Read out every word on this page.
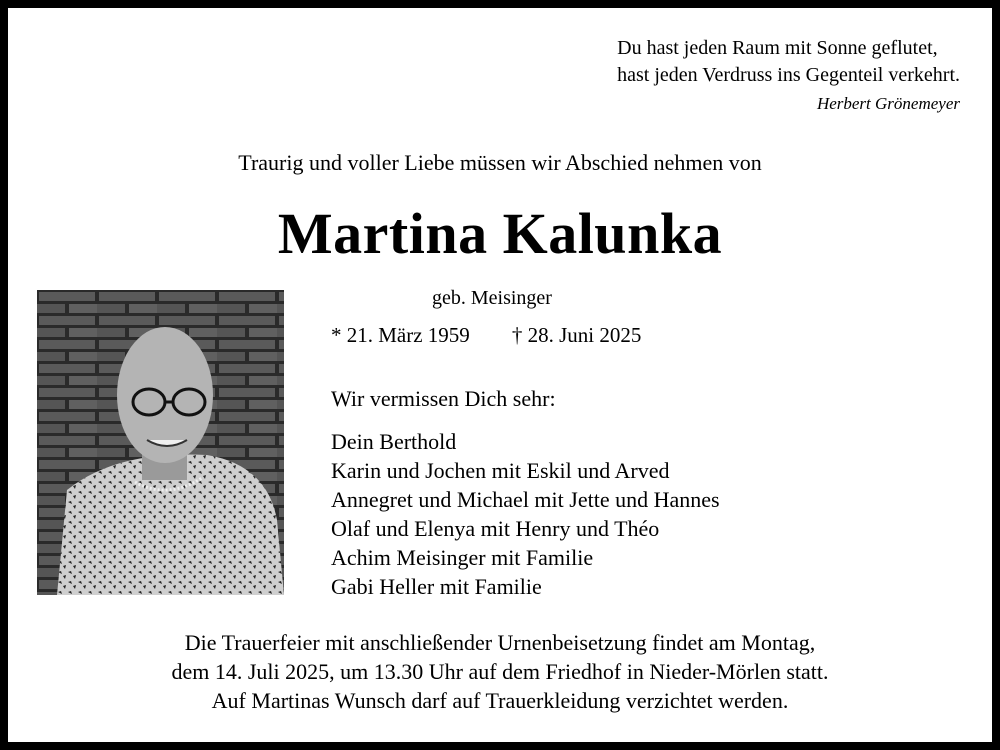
Du hast jeden Raum mit Sonne geflutet,
hast jeden Verdruss ins Gegenteil verkehrt.
Herbert Grönemeyer
Traurig und voller Liebe müssen wir Abschied nehmen von
Martina Kalunka
geb. Meisinger
* 21. März 1959 † 28. Juni 2025
Wir vermissen Dich sehr:
Dein Berthold
Karin und Jochen mit Eskil und Arved
Annegret und Michael mit Jette und Hannes
Olaf und Elenya mit Henry und Théo
Achim Meisinger mit Familie
Gabi Heller mit Familie
Die Trauerfeier mit anschließender Urnenbeisetzung findet am Montag,
dem 14. Juli 2025, um 13.30 Uhr auf dem Friedhof in Nieder-Mörlen statt.
Auf Martinas Wunsch darf auf Trauerkleidung verzichtet werden.
